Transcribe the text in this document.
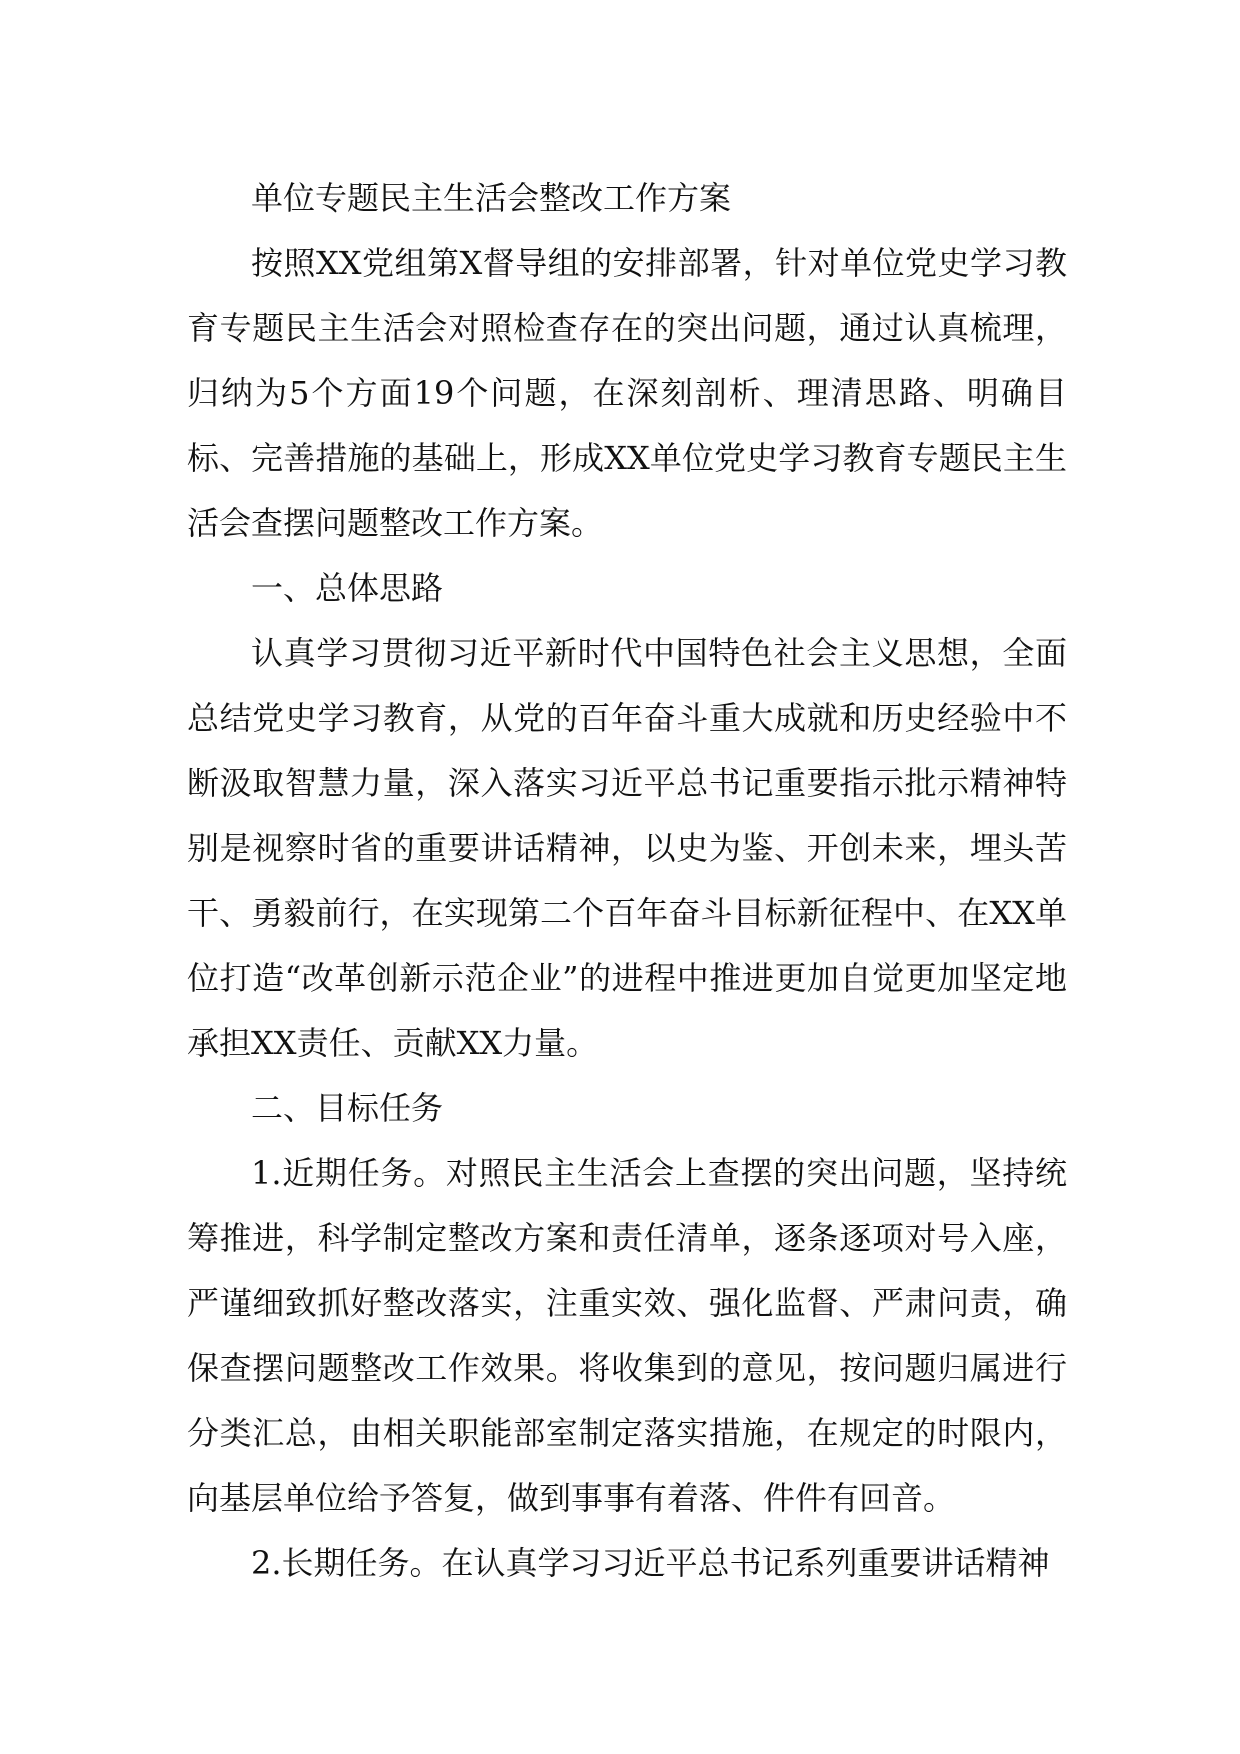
单位专题民主生活会整改工作方案

按照XX党组第X督导组的安排部署，针对单位党史学习教育专题民主生活会对照检查存在的突出问题，通过认真梳理，归纳为5个方面19个问题，在深刻剖析、理清思路、明确目标、完善措施的基础上，形成XX单位党史学习教育专题民主生活会查摆问题整改工作方案。

一、总体思路

认真学习贯彻习近平新时代中国特色社会主义思想，全面总结党史学习教育，从党的百年奋斗重大成就和历史经验中不断汲取智慧力量，深入落实习近平总书记重要指示批示精神特别是视察时省的重要讲话精神，以史为鉴、开创未来，埋头苦干、勇毅前行，在实现第二个百年奋斗目标新征程中、在XX单位打造“改革创新示范企业”的进程中推进更加自觉更加坚定地承担XX责任、贡献XX力量。

二、目标任务

1.近期任务。对照民主生活会上查摆的突出问题，坚持统筹推进，科学制定整改方案和责任清单，逐条逐项对号入座，严谨细致抓好整改落实，注重实效、强化监督、严肃问责，确保查摆问题整改工作效果。将收集到的意见，按问题归属进行分类汇总，由相关职能部室制定落实措施，在规定的时限内，向基层单位给予答复，做到事事有着落、件件有回音。

2.长期任务。在认真学习习近平总书记系列重要讲话精神
